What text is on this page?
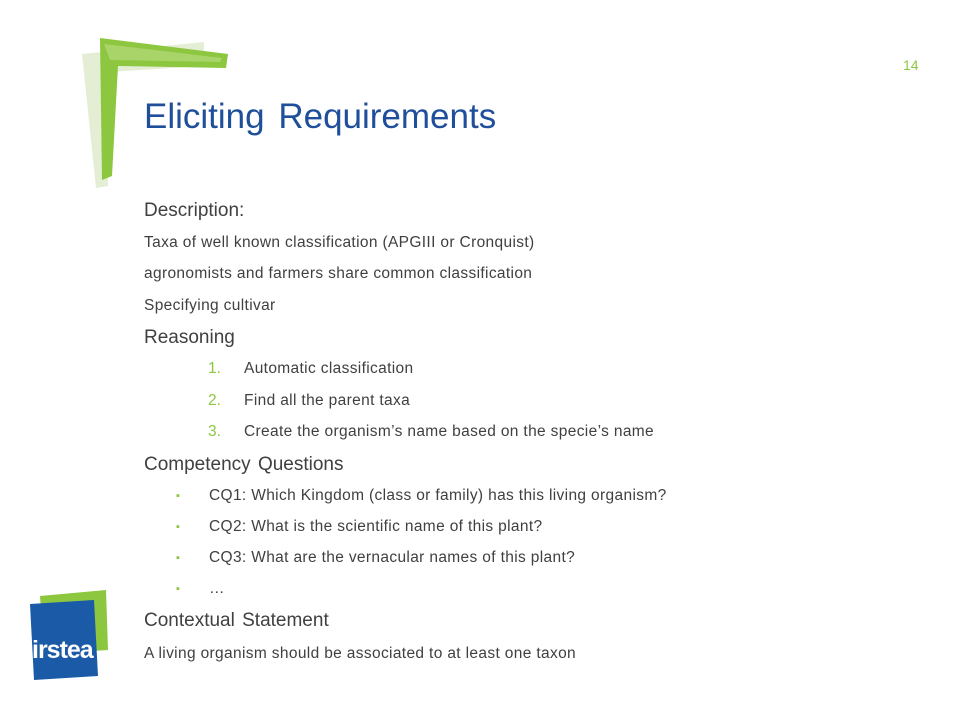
14
Eliciting Requirements
Description:
Taxa of well known classification (APGIII or Cronquist)
agronomists and farmers share common classification
Specifying cultivar
Reasoning
1. Automatic classification
2. Find all the parent taxa
3. Create the organism’s name based on the specie’s name
Competency Questions
▪ CQ1: Which Kingdom (class or family) has this living organism?
▪ CQ2: What is the scientific name of this plant?
▪ CQ3: What are the vernacular names of this plant?
▪ …
Contextual Statement
A living organism should be associated to at least one taxon
irstea
